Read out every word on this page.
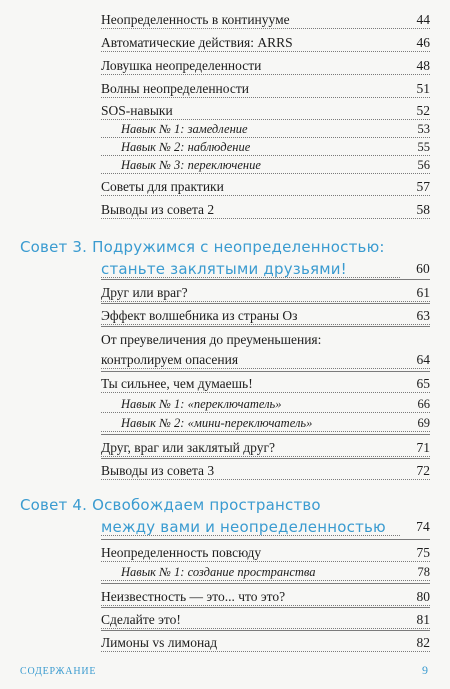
Неопределенность в континууме	44
Автоматические действия: ARRS	46
Ловушка неопределенности	48
Волны неопределенности	51
SOS-навыки	52
Навык № 1: замедление	53
Навык № 2: наблюдение	55
Навык № 3: переключение	56
Советы для практики	57
Выводы из совета 2	58
Совет 3. Подружимся с неопределенностью:
станьте заклятыми друзьями!	60
Друг или враг?	61
Эффект волшебника из страны Оз	63
От преувеличения до преуменьшения: контролируем опасения	64
Ты сильнее, чем думаешь!	65
Навык № 1: «переключатель»	66
Навык № 2: «мини-переключатель»	69
Друг, враг или заклятый друг?	71
Выводы из совета 3	72
Совет 4. Освобождаем пространство
между вами и неопределенностью 74
Неопределенность повсюду	75
Навык № 1: создание пространства	78
Неизвестность — это... что это?	80
Сделайте это!	81
Лимоны vs лимонад	82
СОДЕРЖАНИЕ	9
